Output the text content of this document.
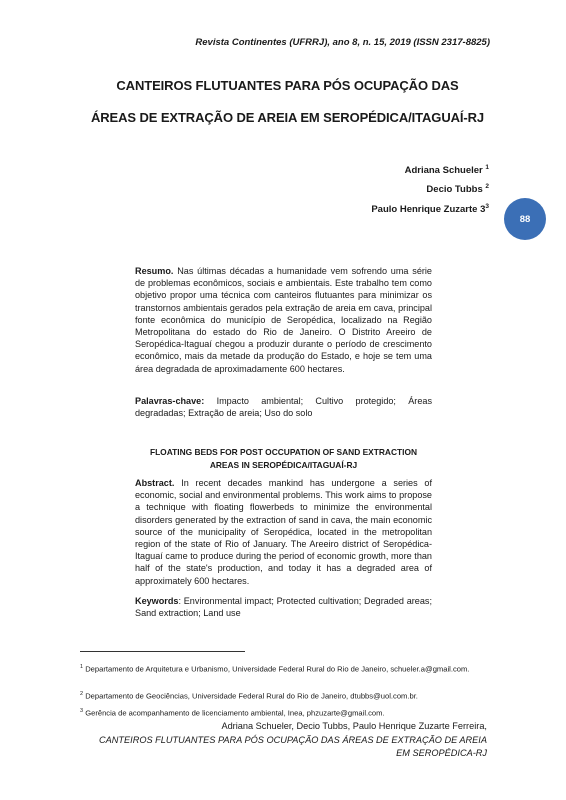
Revista Continentes (UFRRJ), ano 8, n. 15, 2019 (ISSN 2317-8825)
CANTEIROS FLUTUANTES PARA PÓS OCUPAÇÃO DAS
ÁREAS DE EXTRAÇÃO DE AREIA EM SEROPÉDICA/ITAGUAÍ-RJ
Adriana Schueler $^1$
Decio Tubbs $^2$
Paulo Henrique Zuzarte $3^3$
88
Resumo. Nas últimas décadas a humanidade vem sofrendo uma série de problemas econômicos, sociais e ambientais. Este trabalho tem como objetivo propor uma técnica com canteiros flutuantes para minimizar os transtornos ambientais gerados pela extração de areia em cava, principal fonte econômica do município de Seropédica, localizado na Região Metropolitana do estado do Rio de Janeiro. O Distrito Areeiro de Seropédica-Itaguaí chegou a produzir durante o período de crescimento econômico, mais da metade da produção do Estado, e hoje se tem uma área degradada de aproximadamente 600 hectares.
Palavras-chave: Impacto ambiental; Cultivo protegido; Áreas degradadas; Extração de areia; Uso do solo
FLOATING BEDS FOR POST OCCUPATION OF SAND EXTRACTION AREAS IN SEROPÉDICA/ITAGUAÍ-RJ
Abstract. In recent decades mankind has undergone a series of economic, social and environmental problems. This work aims to propose a technique with floating flowerbeds to minimize the environmental disorders generated by the extraction of sand in cava, the main economic source of the municipality of Seropédica, located in the metropolitan region of the state of Rio of January. The Areeiro district of Seropédica-Itaguaí came to produce during the period of economic growth, more than half of the state's production, and today it has a degraded area of approximately 600 hectares.
Keywords: Environmental impact; Protected cultivation; Degraded areas; Sand extraction; Land use
$^1$ Departamento de Arquitetura e Urbanismo, Universidade Federal Rural do Rio de Janeiro, schueler.a@gmail.com.
$^2$ Departamento de Geociências, Universidade Federal Rural do Rio de Janeiro, dtubbs@uol.com.br.
$^3$ Gerência de acompanhamento de licenciamento ambiental, Inea, phzuzarte@gmail.com.
Adriana Schueler, Decio Tubbs, Paulo Henrique Zuzarte Ferreira,
CANTEIROS FLUTUANTES PARA PÓS OCUPAÇÃO DAS ÁREAS DE EXTRAÇÃO DE AREIA EM SEROPÉDICA-RJ
